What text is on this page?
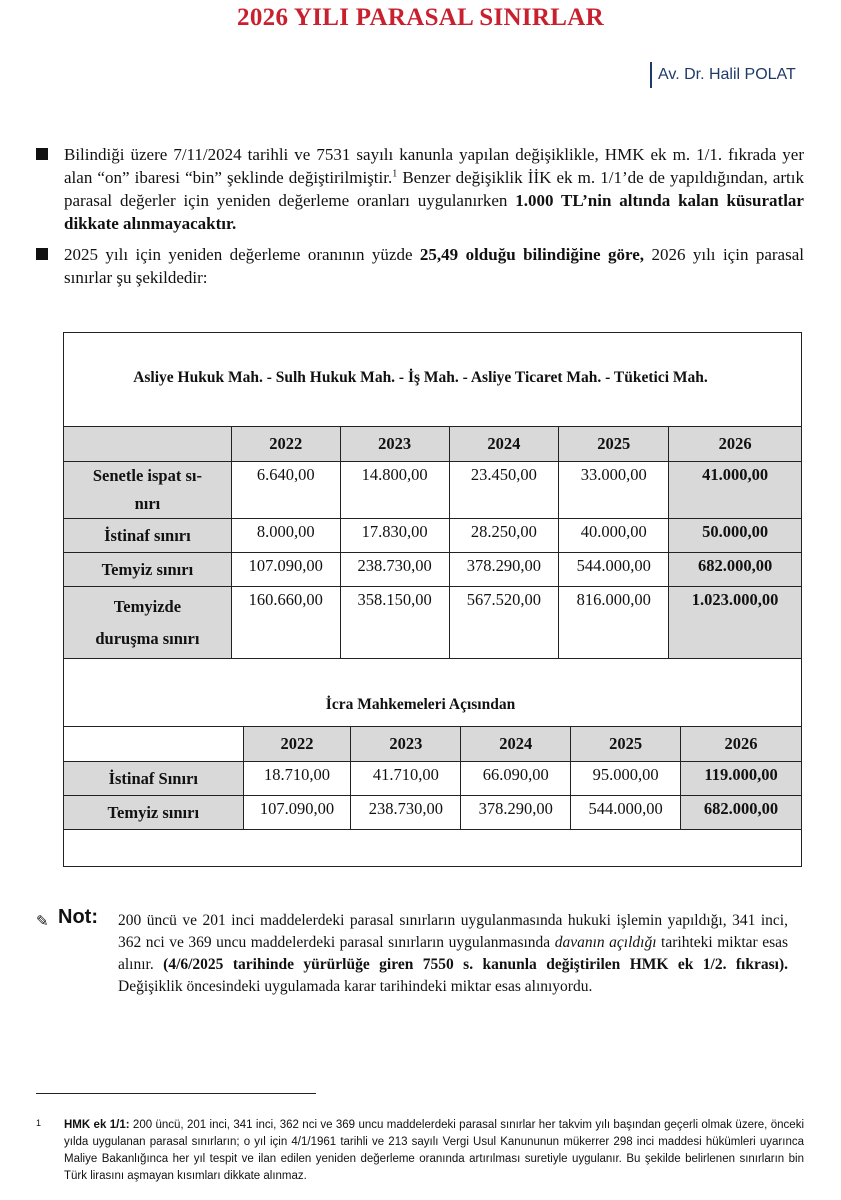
2026 YILI PARASAL SINIRLAR
Av. Dr. Halil POLAT
Bilindiği üzere 7/11/2024 tarihli ve 7531 sayılı kanunla yapılan değişiklikle, HMK ek m. 1/1. fıkrada yer alan “on” ibaresi “bin” şeklinde değiştirilmiştir.$^1$ Benzer değişiklik İİK ek m. 1/1’de de yapıldığından, artık parasal değerler için yeniden değerleme oranları uygulanırken 1.000 TL’nin altında kalan küsuratlar dikkate alınmayacaktır.
2025 yılı için yeniden değerleme oranının yüzde 25,49 olduğu bilindiğine göre, 2026 yılı için parasal sınırlar şu şekildedir:
Asliye Hukuk Mah. - Sulh Hukuk Mah. - İş Mah. - Asliye Ticaret Mah. - Tüketici Mah.
	2022	2023	2024	2025	2026

Senetle ispat sı-nırı	6.640,00	14.800,00	23.450,00	33.000,00	41.000,00
İstinaf sınırı	8.000,00	17.830,00	28.250,00	40.000,00	50.000,00
Temyiz sınırı	107.090,00	238.730,00	378.290,00	544.000,00	682.000,00

Temyizde duruşma sınırı	160.660,00	358.150,00	567.520,00	816.000,00	1.023.000,00
İcra Mahkemeleri Açısından
	2022	2023	2024	2025	2026
İstinaf Sınırı	18.710,00	41.710,00	66.090,00	95.000,00	119.000,00
Temyiz sınırı	107.090,00	238.730,00	378.290,00	544.000,00	682.000,00
✎ Not: 200 üncü ve 201 inci maddelerdeki parasal sınırların uygulanmasında hukuki işlemin yapıldığı, 341 inci, 362 nci ve 369 uncu maddelerdeki parasal sınırların uygulanmasında davanın açıldığı tarihteki miktar esas alınır. (4/6/2025 tarihinde yürürlüğe giren 7550 s. kanunla değiştirilen HMK ek 1/2. fıkrası). Değişiklik öncesindeki uygulamada karar tarihindeki miktar esas alınıyordu.
1 HMK ek 1/1: 200 üncü, 201 inci, 341 inci, 362 nci ve 369 uncu maddelerdeki parasal sınırlar her takvim yılı başından geçerli olmak üzere, önceki yılda uygulanan parasal sınırların; o yıl için 4/1/1961 tarihli ve 213 sayılı Vergi Usul Kanununun mükerrer 298 inci maddesi hükümleri uyarınca Maliye Bakanlığınca her yıl tespit ve ilan edilen yeniden değerleme oranında artırılması suretiyle uygulanır. Bu şekilde belirlenen sınırların bin Türk lirasını aşmayan kısımları dikkate alınmaz.
